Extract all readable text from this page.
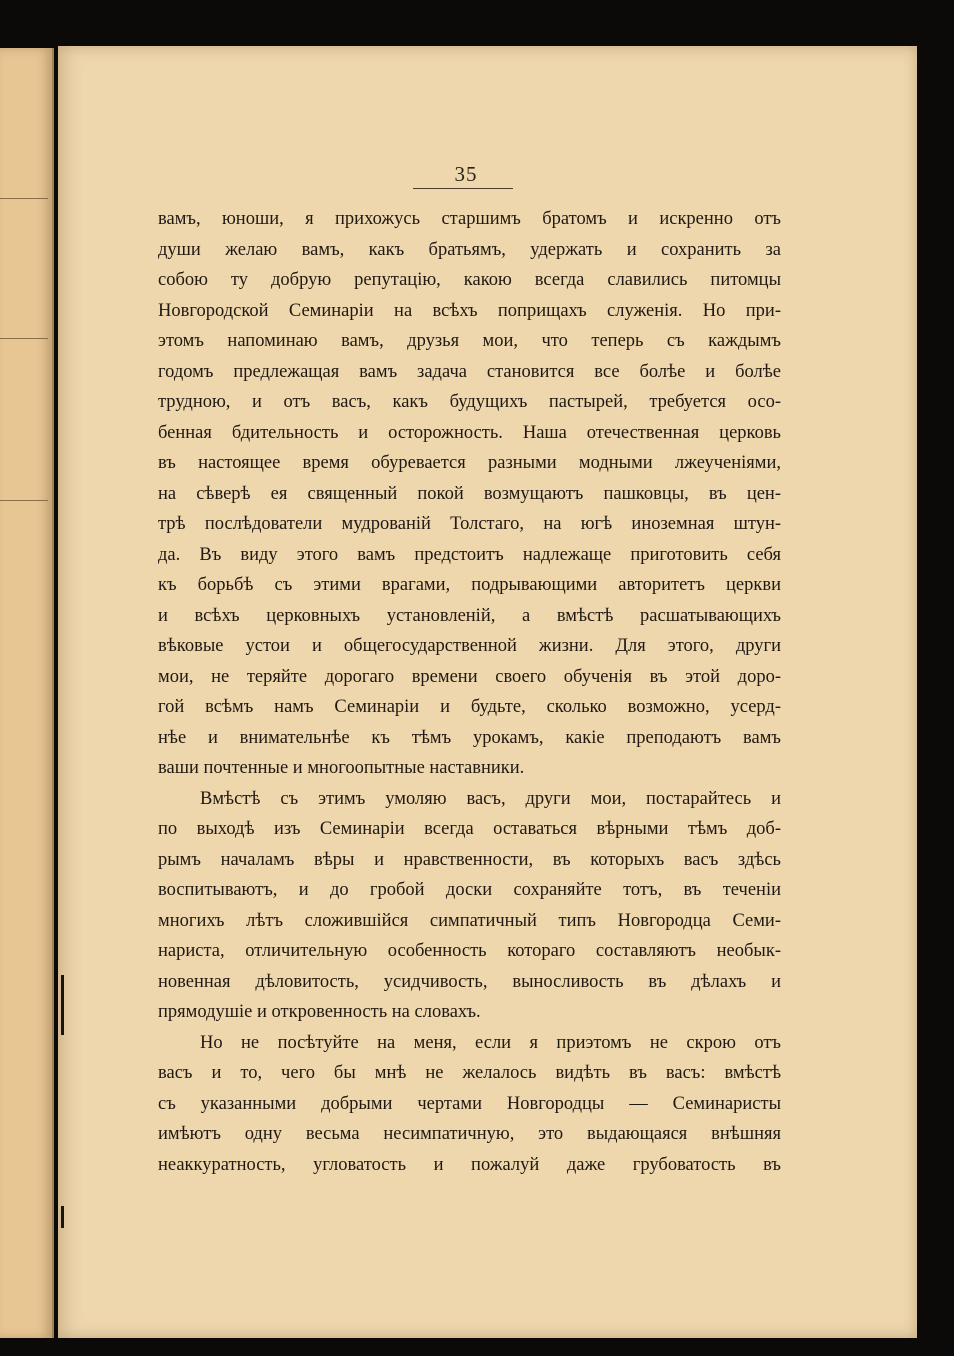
35
вамъ, юноши, я прихожусь старшимъ братомъ и искренно отъ
души желаю вамъ, какъ братьямъ, удержать и сохранить за
собою ту добрую репутацію, какою всегда славились питомцы
Новгородской Семинаріи на всѣхъ поприщахъ служенія. Но при-
этомъ напоминаю вамъ, друзья мои, что теперь съ каждымъ
годомъ предлежащая вамъ задача становится все болѣе и болѣе
трудною, и отъ васъ, какъ будущихъ пастырей, требуется осо-
бенная бдительность и осторожность. Наша отечественная церковь
въ настоящее время обуревается разными модными лжеученіями,
на сѣверѣ ея священный покой возмущаютъ пашковцы, въ цен-
трѣ послѣдователи мудрованій Толстаго, на югѣ иноземная штун-
да. Въ виду этого вамъ предстоитъ надлежаще приготовить себя
къ борьбѣ съ этими врагами, подрывающими авторитетъ церкви
и всѣхъ церковныхъ установленій, а вмѣстѣ расшатывающихъ
вѣковые устои и общегосударственной жизни. Для этого, други
мои, не теряйте дорогаго времени своего обученія въ этой доро-
гой всѣмъ намъ Семинаріи и будьте, сколько возможно, усерд-
нѣе и внимательнѣе къ тѣмъ урокамъ, какіе преподаютъ вамъ
ваши почтенные и многоопытные наставники.
Вмѣстѣ съ этимъ умоляю васъ, други мои, постарайтесь и
по выходѣ изъ Семинаріи всегда оставаться вѣрными тѣмъ доб-
рымъ началамъ вѣры и нравственности, въ которыхъ васъ здѣсь
воспитываютъ, и до гробой доски сохраняйте тотъ, въ теченіи
многихъ лѣтъ сложившійся симпатичный типъ Новгородца Семи-
нариста, отличительную особенность котораго составляютъ необык-
новенная дѣловитость, усидчивость, выносливость въ дѣлахъ и
прямодушіе и откровенность на словахъ.
Но не посѣтуйте на меня, если я приэтомъ не скрою отъ
васъ и то, чего бы мнѣ не желалось видѣть въ васъ: вмѣстѣ
съ указанными добрыми чертами Новгородцы — Семинаристы
имѣютъ одну весьма несимпатичную, это выдающаяся внѣшняя
неаккуратность, угловатость и пожалуй даже грубоватость въ
